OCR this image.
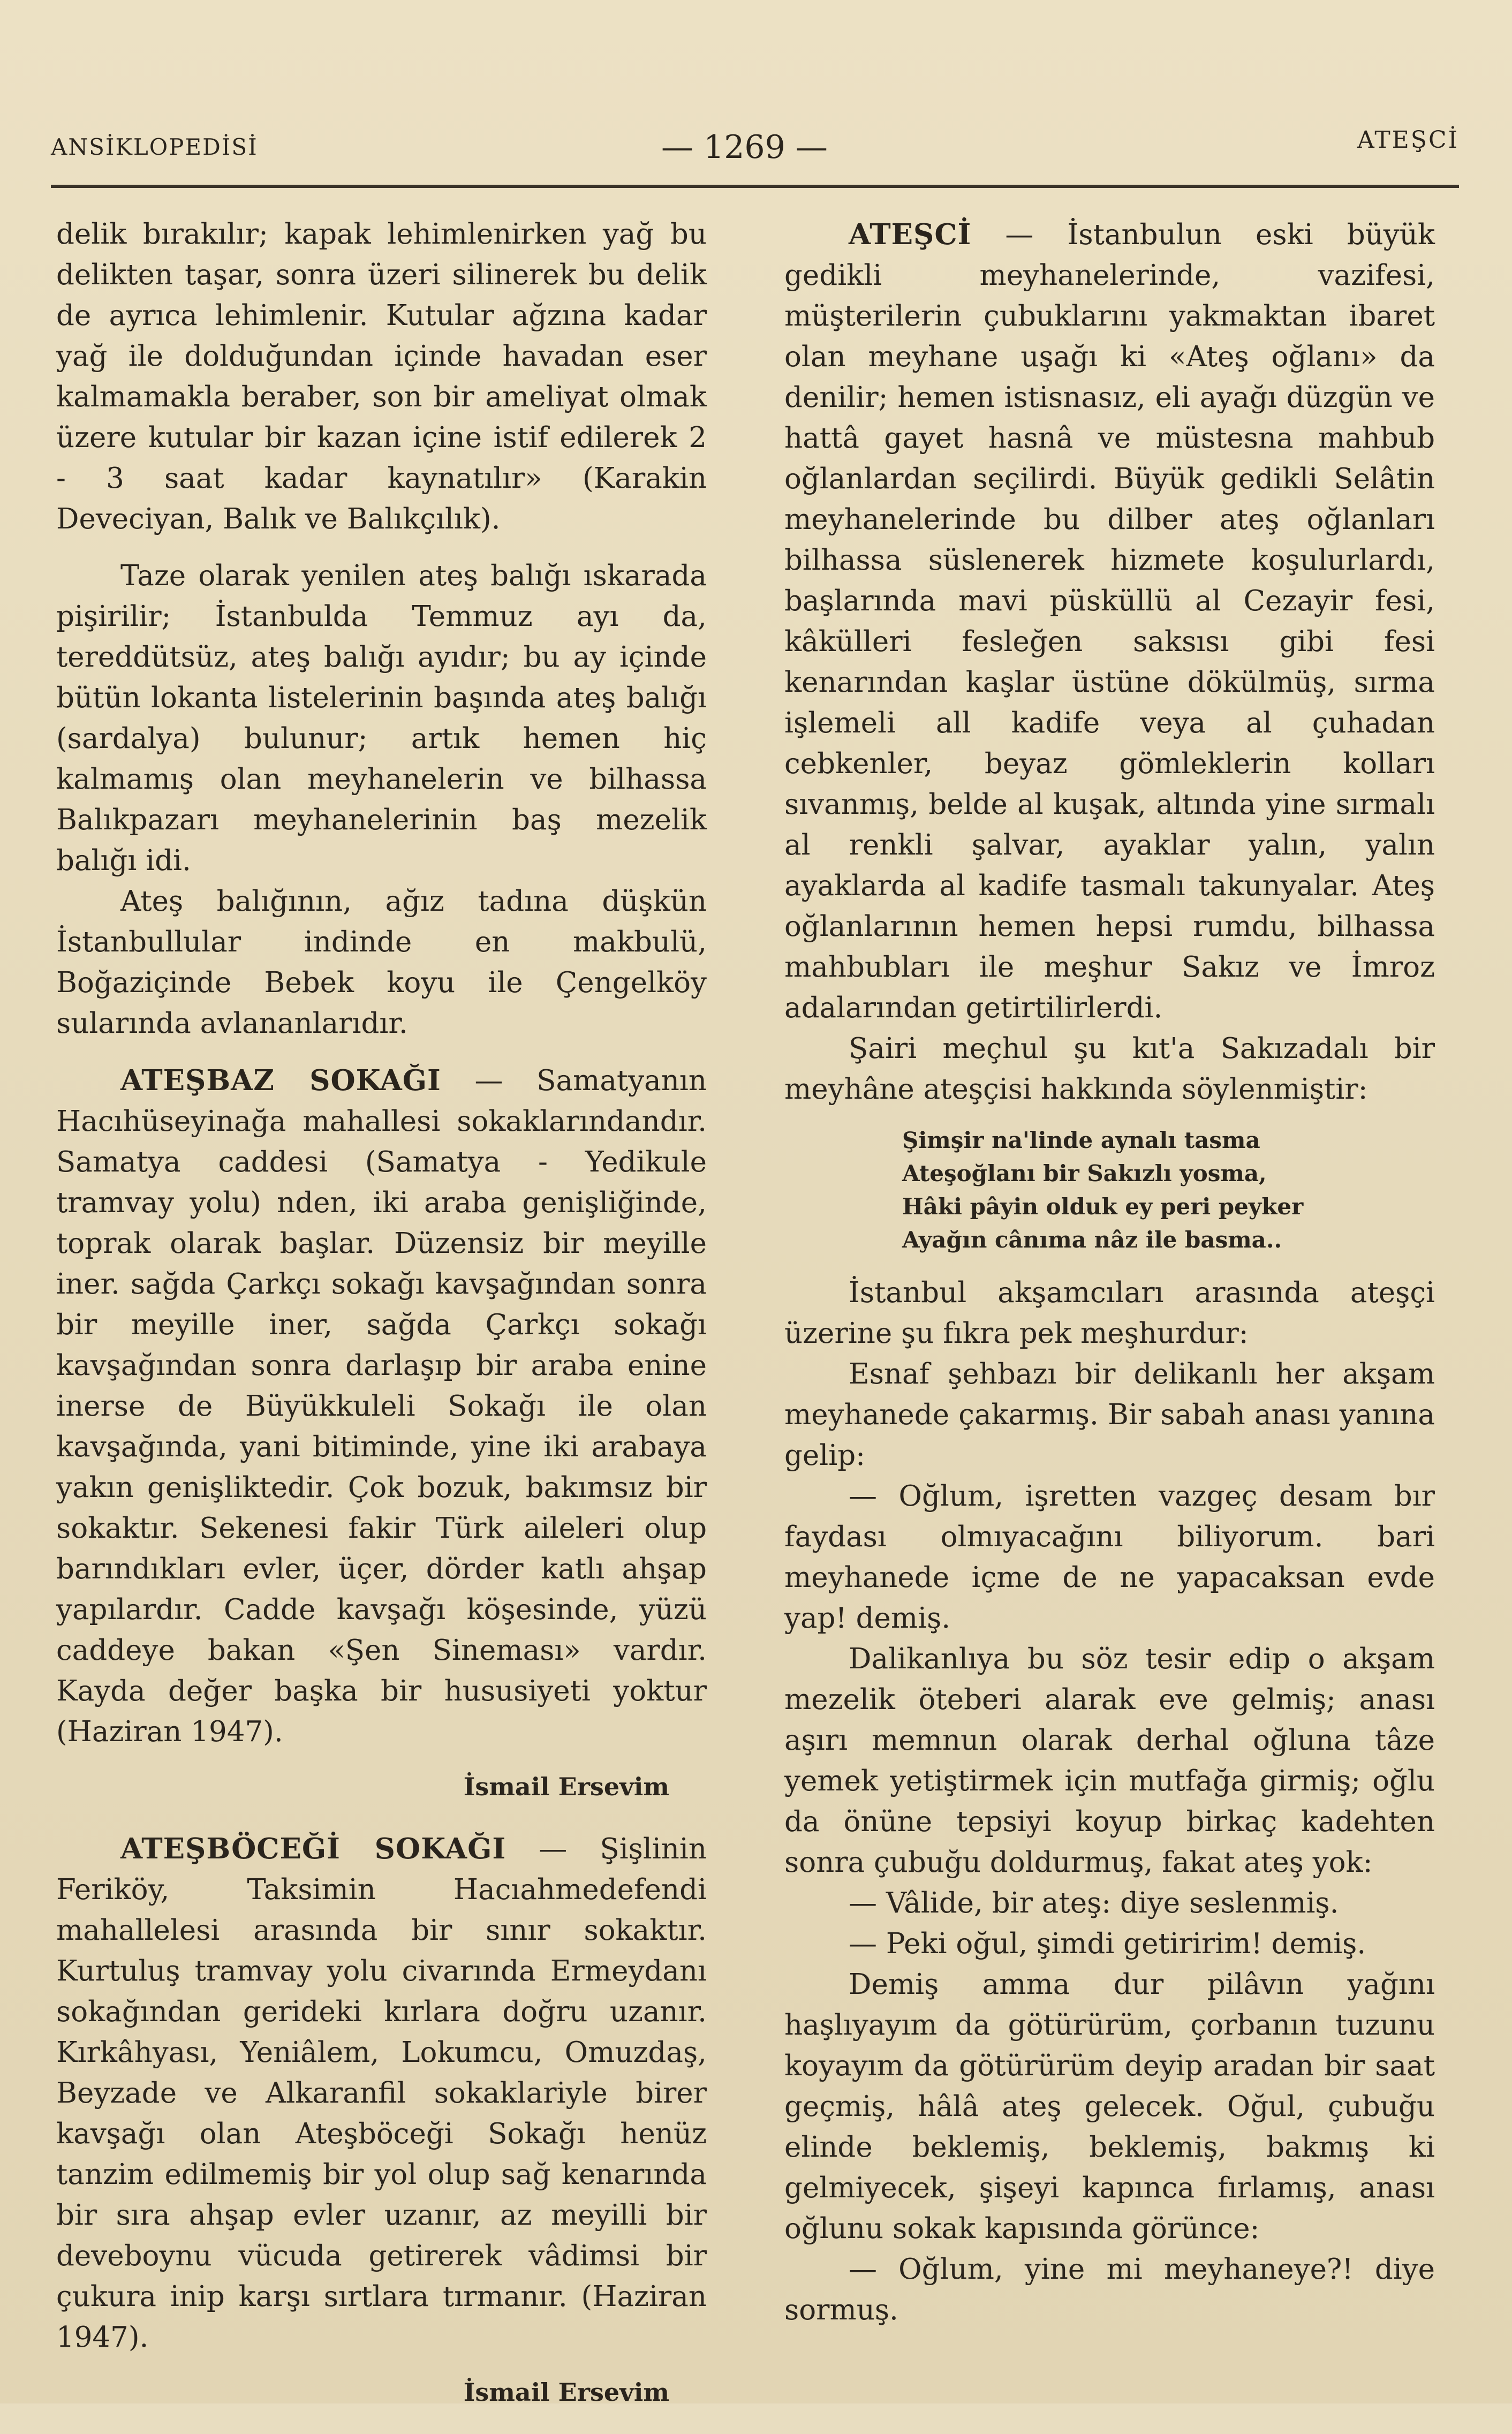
ANSİKLOPEDİSİ	— 1269 —	ATEŞCİ

delik bırakılır; kapak lehimlenirken yağ bu delikten taşar, sonra üzeri silinerek bu delik de ayrıca lehimlenir. Kutular ağzına kadar yağ ile dolduğundan içinde havadan eser kalmamakla beraber, son bir ameliyat olmak üzere kutular bir kazan içine istif edilerek 2 - 3 saat kadar kaynatılır» (Karakin Deveciyan, Balık ve Balıkçılık).

Taze olarak yenilen ateş balığı ıskarada pişirilir; İstanbulda Temmuz ayı da, tereddütsüz, ateş balığı ayıdır; bu ay içinde bütün lokanta listelerinin başında ateş balığı (sardalya) bulunur; artık hemen hiç kalmamış olan meyhanelerin ve bilhassa Balıkpazarı meyhanelerinin baş mezelik balığı idi.

Ateş balığının, ağız tadına düşkün İstanbullular indinde en makbulü, Boğaziçinde Bebek koyu ile Çengelköy sularında avlananlarıdır.

ATEŞBAZ SOKAĞI — Samatyanın Hacıhüseyinağa mahallesi sokaklarındandır. Samatya caddesi (Samatya - Yedikule tramvay yolu) nden, iki araba genişliğinde, toprak olarak başlar. Düzensiz bir meyille iner. sağda Çarkçı sokağı kavşağından sonra bir meyille iner, sağda Çarkçı sokağı kavşağından sonra darlaşıp bir araba enine inerse de Büyükkuleli Sokağı ile olan kavşağında, yani bitiminde, yine iki arabaya yakın genişliktedir. Çok bozuk, bakımsız bir sokaktır. Sekenesi fakir Türk aileleri olup barındıkları evler, üçer, dörder katlı ahşap yapılardır. Cadde kavşağı köşesinde, yüzü caddeye bakan «Şen Sineması» vardır. Kayda değer başka bir hususiyeti yoktur (Haziran 1947).

İsmail Ersevim

ATEŞBÖCEĞİ SOKAĞI — Şişlinin Feriköy, Taksimin Hacıahmedefendi mahallelesi arasında bir sınır sokaktır. Kurtuluş tramvay yolu civarında Ermeydanı sokağından gerideki kırlara doğru uzanır. Kırkâhyası, Yeniâlem, Lokumcu, Omuzdaş, Beyzade ve Alkaranfil sokaklariyle birer kavşağı olan Ateşböceği Sokağı henüz tanzim edilmemiş bir yol olup sağ kenarında bir sıra ahşap evler uzanır, az meyilli bir deveboynu vücuda getirerek vâdimsi bir çukura inip karşı sırtlara tırmanır. (Haziran 1947).

İsmail Ersevim

ATEŞCİ — İstanbulun eski büyük gedikli meyhanelerinde, vazifesi, müşterilerin çubuklarını yakmaktan ibaret olan meyhane uşağı ki «Ateş oğlanı» da denilir; hemen istisnasız, eli ayağı düzgün ve hattâ gayet hasnâ ve müstesna mahbub oğlanlardan seçilirdi. Büyük gedikli Selâtin meyhanelerinde bu dilber ateş oğlanları bilhassa süslenerek hizmete koşulurlardı, başlarında mavi püsküllü al Cezayir fesi, kâkülleri fesleğen saksısı gibi fesi kenarından kaşlar üstüne dökülmüş, sırma işlemeli all kadife veya al çuhadan cebkenler, beyaz gömleklerin kolları sıvanmış, belde al kuşak, altında yine sırmalı al renkli şalvar, ayaklar yalın, yalın ayaklarda al kadife tasmalı takunyalar. Ateş oğlanlarının hemen hepsi rumdu, bilhassa mahbubları ile meşhur Sakız ve İmroz adalarından getirtilirlerdi.

Şairi meçhul şu kıt'a Sakızadalı bir meyhâne ateşçisi hakkında söylenmiştir:

Şimşir na'linde aynalı tasma
Ateşoğlanı bir Sakızlı yosma,
Hâki pâyin olduk ey peri peyker
Ayağın cânıma nâz ile basma..

İstanbul akşamcıları arasında ateşçi üzerine şu fıkra pek meşhurdur:

Esnaf şehbazı bir delikanlı her akşam meyhanede çakarmış. Bir sabah anası yanına gelip:

— Oğlum, işretten vazgeç desam bır faydası olmıyacağını biliyorum. bari meyhanede içme de ne yapacaksan evde yap! demiş.

Dalikanlıya bu söz tesir edip o akşam mezelik öteberi alarak eve gelmiş; anası aşırı memnun olarak derhal oğluna tâze yemek yetiştirmek için mutfağa girmiş; oğlu da önüne tepsiyi koyup birkaç kadehten sonra çubuğu doldurmuş, fakat ateş yok:

— Vâlide, bir ateş: diye seslenmiş.

— Peki oğul, şimdi getiririm! demiş.

Demiş amma dur pilâvın yağını haşlıyayım da götürürüm, çorbanın tuzunu koyayım da götürürüm deyip aradan bir saat geçmiş, hâlâ ateş gelecek. Oğul, çubuğu elinde beklemiş, beklemiş, bakmış ki gelmiyecek, şişeyi kapınca fırlamış, anası oğlunu sokak kapısında görünce:

— Oğlum, yine mi meyhaneye?! diye sormuş.
